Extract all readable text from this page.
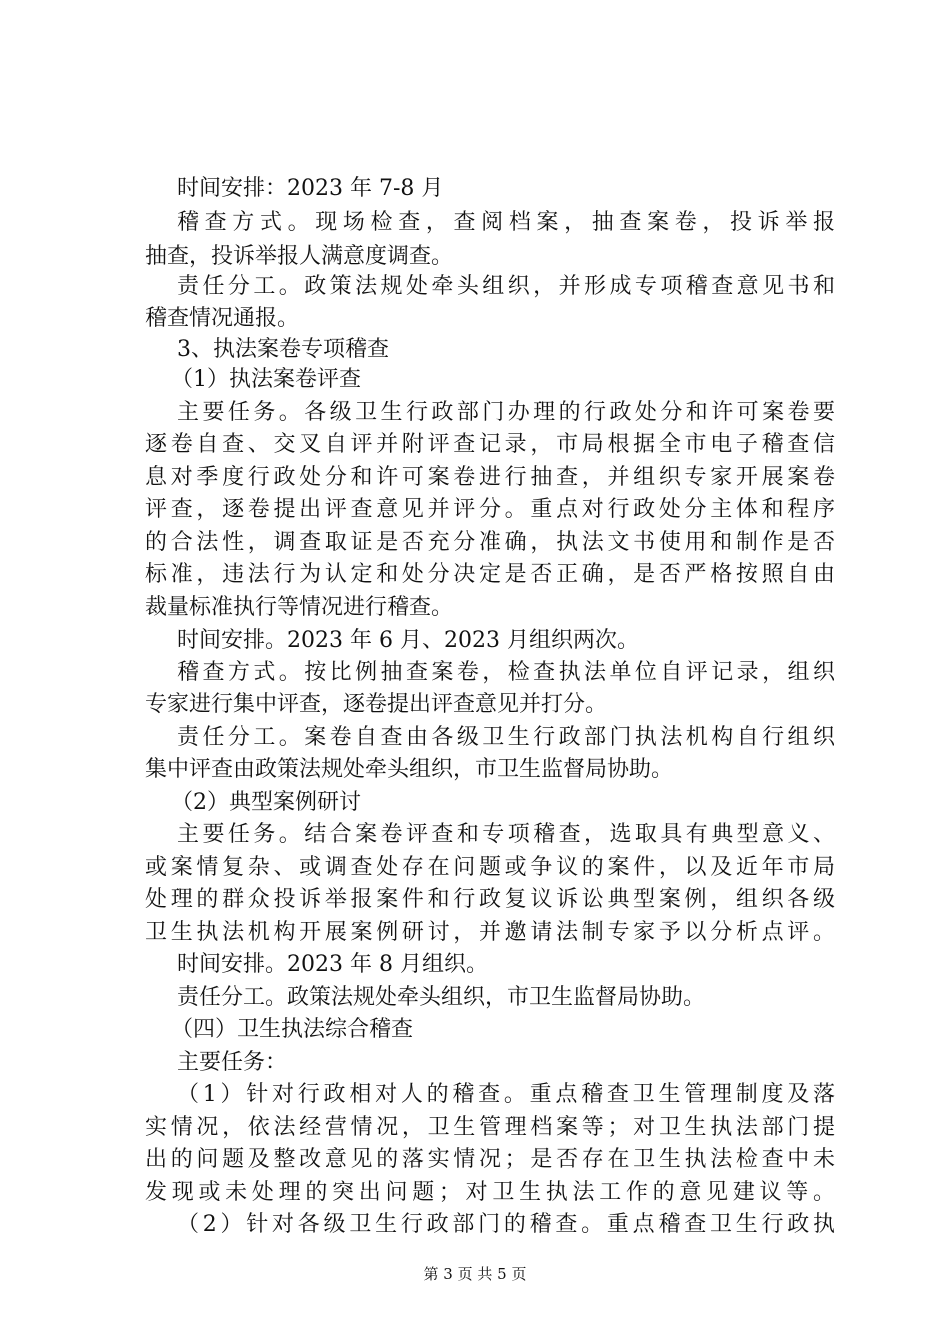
时间安排：2023 年 7-8 月
稽查方式。现场检查，查阅档案，抽查案卷，投诉举报
抽查，投诉举报人满意度调查。
责任分工。政策法规处牵头组织，并形成专项稽查意见书和
稽查情况通报。
3、执法案卷专项稽查
（1）执法案卷评查
主要任务。各级卫生行政部门办理的行政处分和许可案卷要
逐卷自查、交叉自评并附评查记录，市局根据全市电子稽查信
息对季度行政处分和许可案卷进行抽查，并组织专家开展案卷
评查，逐卷提出评查意见并评分。重点对行政处分主体和程序
的合法性，调查取证是否充分准确，执法文书使用和制作是否
标准，违法行为认定和处分决定是否正确，是否严格按照自由
裁量标准执行等情况进行稽查。
时间安排。2023 年 6 月、2023 月组织两次。
稽查方式。按比例抽查案卷，检查执法单位自评记录，组织
专家进行集中评查，逐卷提出评查意见并打分。
责任分工。案卷自查由各级卫生行政部门执法机构自行组织
集中评查由政策法规处牵头组织，市卫生监督局协助。
（2）典型案例研讨
主要任务。结合案卷评查和专项稽查，选取具有典型意义、
或案情复杂、或调查处存在问题或争议的案件，以及近年市局
处理的群众投诉举报案件和行政复议诉讼典型案例，组织各级
卫生执法机构开展案例研讨，并邀请法制专家予以分析点评。
时间安排。2023 年 8 月组织。
责任分工。政策法规处牵头组织，市卫生监督局协助。
（四）卫生执法综合稽查
主要任务：
（1）针对行政相对人的稽查。重点稽查卫生管理制度及落
实情况，依法经营情况，卫生管理档案等；对卫生执法部门提
出的问题及整改意见的落实情况；是否存在卫生执法检查中未
发现或未处理的突出问题；对卫生执法工作的意见建议等。
（2）针对各级卫生行政部门的稽查。重点稽查卫生行政执
第 3 页 共 5 页
